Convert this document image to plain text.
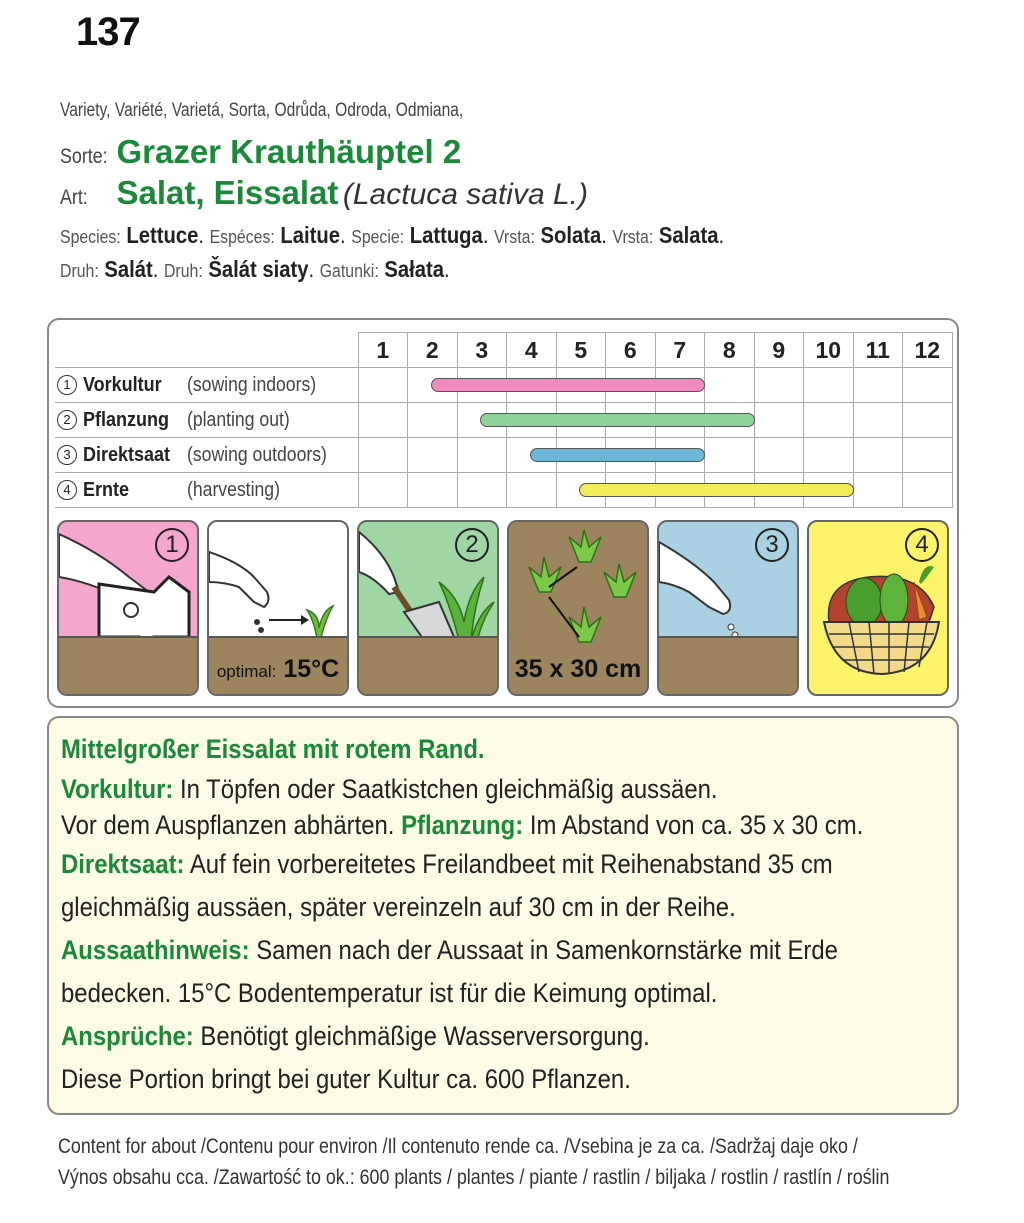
137
Variety, Variété, Varietá, Sorta, Odrůda, Odroda, Odmiana,
Sorte: Grazer Krauthäuptel 2
Art: Salat, Eissalat (Lactuca sativa L.)
Species: Lettuce. Espéces: Laitue. Specie: Lattuga. Vrsta: Solata. Vrsta: Salata.
Druh: Salát. Druh: Šalát siaty. Gatunki: Sałata.
	1	2	3	4	5	6	7	8	9	10	11	12
1 Vorkultur (sowing indoors)												
2 Pflanzung (planting out)												
3 Direktsaat (sowing outdoors)												
4 Ernte (harvesting)												
1
optimal: 15°C
2
35 x 30 cm
3	4

Mittelgroßer Eissalat mit rotem Rand.

Vorkultur: In Töpfen oder Saatkistchen gleichmäßig aussäen.

Vor dem Auspflanzen abhärten. Pflanzung: Im Abstand von ca. 35 x 30 cm.

Direktsaat: Auf fein vorbereitetes Freilandbeet mit Reihenabstand 35 cm

gleichmäßig aussäen, später vereinzeln auf 30 cm in der Reihe.

Aussaathinweis: Samen nach der Aussaat in Samenkornstärke mit Erde

bedecken. 15°C Bodentemperatur ist für die Keimung optimal.

Ansprüche: Benötigt gleichmäßige Wasserversorgung.

Diese Portion bringt bei guter Kultur ca. 600 Pflanzen.

Content for about /Contenu pour environ /Il contenuto rende ca. /Vsebina je za ca. /Sadržaj daje oko /
Výnos obsahu cca. /Zawartość to ok.: 600 plants / plantes / piante / rastlin / biljaka / rostlin / rastlín / roślin
